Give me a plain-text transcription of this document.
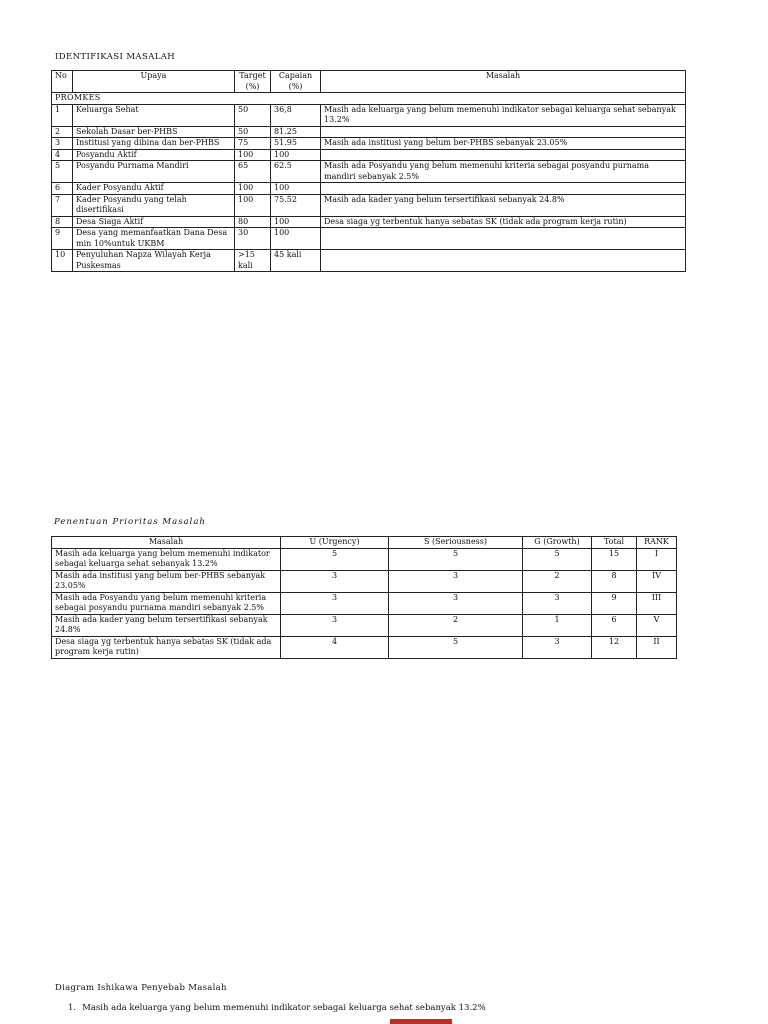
IDENTIFIKASI MASALAH
No	Upaya	Target (%)	Capaian (%)	Masalah
PROMKES				
1	Keluarga Sehat	50	36,8	Masih ada keluarga yang belum memenuhi indikator sebagai keluarga sehat sebanyak 13.2%
2	Sekolah Dasar ber-PHBS	50	81.25	
3	Institusi yang dibina dan ber-PHBS	75	51.95	Masih ada institusi yang belum ber-PHBS sebanyak 23.05%
4	Posyandu Aktif	100	100	
5	Posyandu Purnama Mandiri	65	62.5	Masih ada Posyandu yang belum memenuhi kriteria sebagai posyandu purnama mandiri sebanyak 2.5%
6	Kader Posyandu Aktif	100	100	
7	Kader Posyandu yang telah disertifikasi	100	75.52	Masih ada kader yang belum tersertifikasi sebanyak 24.8%
8	Desa Siaga Aktif	80	100	Desa siaga yg terbentuk hanya sebatas SK (tidak ada program kerja rutin)
9	Desa yang memanfaatkan Dana Desa min 10%untuk UKBM	30	100	
10	Penyuluhan Napza Wilayah Kerja Puskesmas	>15 kali	45 kali	
Penentuan Prioritas Masalah
Masalah	U (Urgency)	S (Seriousness)	G (Growth)	Total	RANK
Masih ada keluarga yang belum memenuhi indikator sebagai keluarga sehat sebanyak 13.2%	5	5	5	15	I
Masih ada institusi yang belum ber-PHBS sebanyak 23.05%	3	3	2	8	IV
Masih ada Posyandu yang belum memenuhi kriteria sebagai posyandu purnama mandiri sebanyak 2.5%	3	3	3	9	III
Masih ada kader yang belum tersertifikasi sebanyak 24.8%	3	2	1	6	V
Desa siaga yg terbentuk hanya sebatas SK (tidak ada program kerja rutin)	4	5	3	12	II
Diagram Ishikawa Penyebab Masalah
1. Masih ada keluarga yang belum memenuhi indikator sebagai keluarga sehat sebanyak 13.2%
